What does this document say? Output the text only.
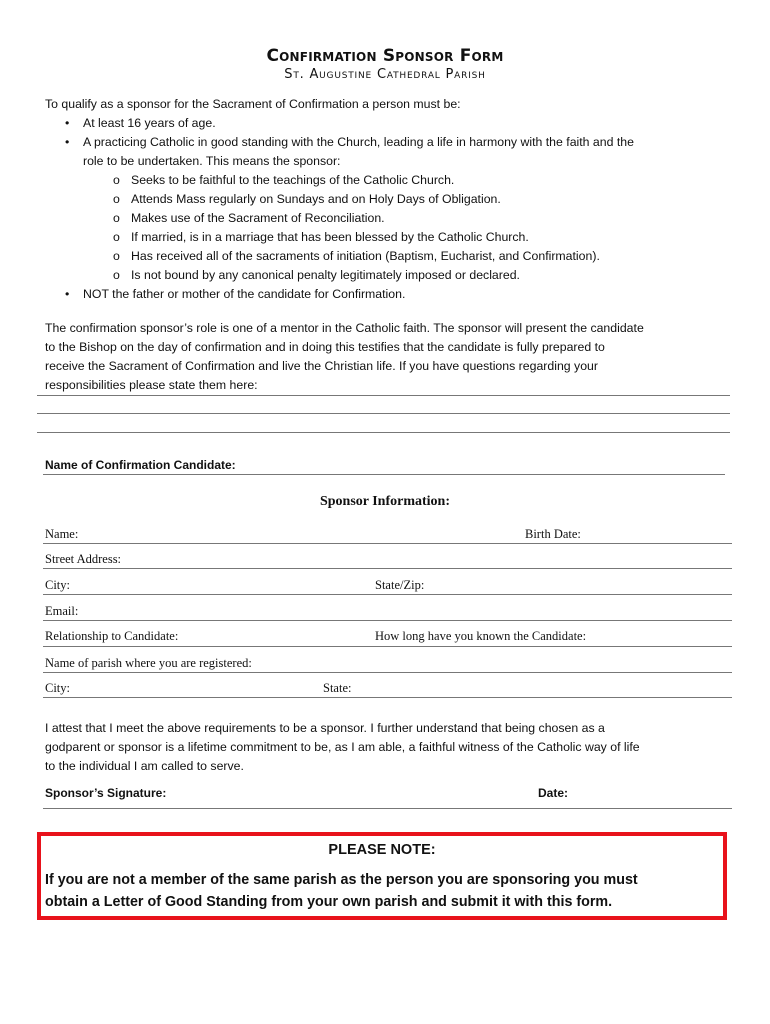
Confirmation Sponsor Form
St. Augustine Cathedral Parish
To qualify as a sponsor for the Sacrament of Confirmation a person must be:
•	At least 16 years of age.
•	A practicing Catholic in good standing with the Church, leading a life in harmony with the faith and the
role to be undertaken. This means the sponsor:
o Seeks to be faithful to the teachings of the Catholic Church.
o Attends Mass regularly on Sundays and on Holy Days of Obligation.
o Makes use of the Sacrament of Reconciliation.
o If married, is in a marriage that has been blessed by the Catholic Church.
o Has received all of the sacraments of initiation (Baptism, Eucharist, and Confirmation).
o Is not bound by any canonical penalty legitimately imposed or declared.
•	NOT the father or mother of the candidate for Confirmation.
The confirmation sponsor’s role is one of a mentor in the Catholic faith. The sponsor will present the candidate
to the Bishop on the day of confirmation and in doing this testifies that the candidate is fully prepared to
receive the Sacrament of Confirmation and live the Christian life. If you have questions regarding your
responsibilities please state them here:
Name of Confirmation Candidate:
Sponsor Information:
Name:	Birth Date:
Street Address:
City:	State/Zip:
Email:
Relationship to Candidate:	How long have you known the Candidate:
Name of parish where you are registered:
City:	State:
I attest that I meet the above requirements to be a sponsor. I further understand that being chosen as a
godparent or sponsor is a lifetime commitment to be, as I am able, a faithful witness of the Catholic way of life
to the individual I am called to serve.
Sponsor’s Signature:	Date:
PLEASE NOTE:
If you are not a member of the same parish as the person you are sponsoring you must
obtain a Letter of Good Standing from your own parish and submit it with this form.
